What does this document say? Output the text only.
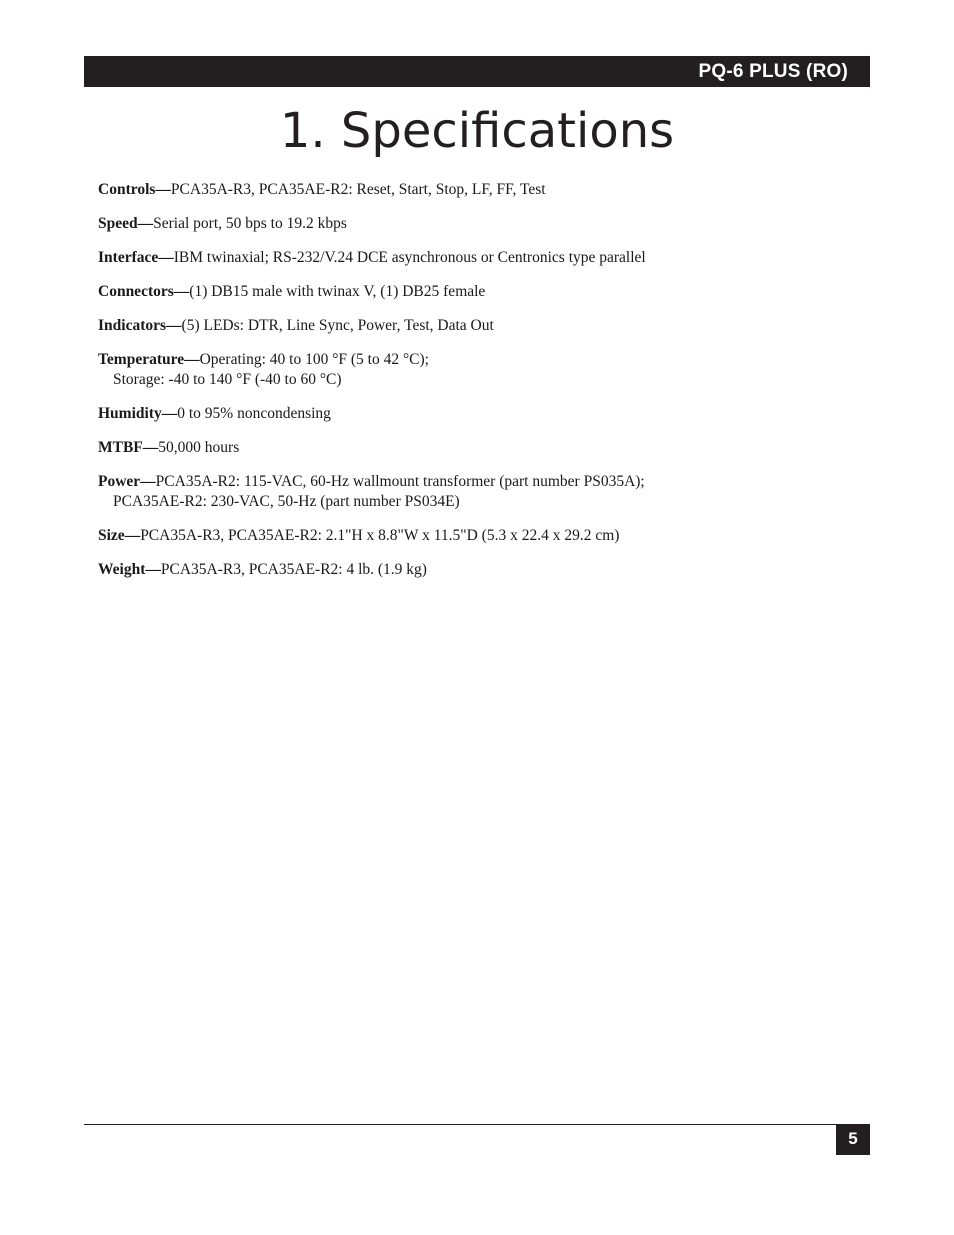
PQ-6 PLUS (RO)
1. Specifications

Controls—PCA35A-R3, PCA35AE-R2: Reset, Start, Stop, LF, FF, Test

Speed—Serial port, 50 bps to 19.2 kbps

Interface—IBM twinaxial; RS-232/V.24 DCE asynchronous or Centronics type parallel

Connectors—(1) DB15 male with twinax V, (1) DB25 female

Indicators—(5) LEDs: DTR, Line Sync, Power, Test, Data Out

Temperature—Operating: 40 to 100 °F (5 to 42 °C);
Storage: -40 to 140 °F (-40 to 60 °C)

Humidity—0 to 95% noncondensing

MTBF—50,000 hours

Power—PCA35A-R2: 115-VAC, 60-Hz wallmount transformer (part number PS035A);
PCA35AE-R2: 230-VAC, 50-Hz (part number PS034E)

Size—PCA35A-R3, PCA35AE-R2: 2.1"H x 8.8"W x 11.5"D (5.3 x 22.4 x 29.2 cm)

Weight—PCA35A-R3, PCA35AE-R2: 4 lb. (1.9 kg)

5
